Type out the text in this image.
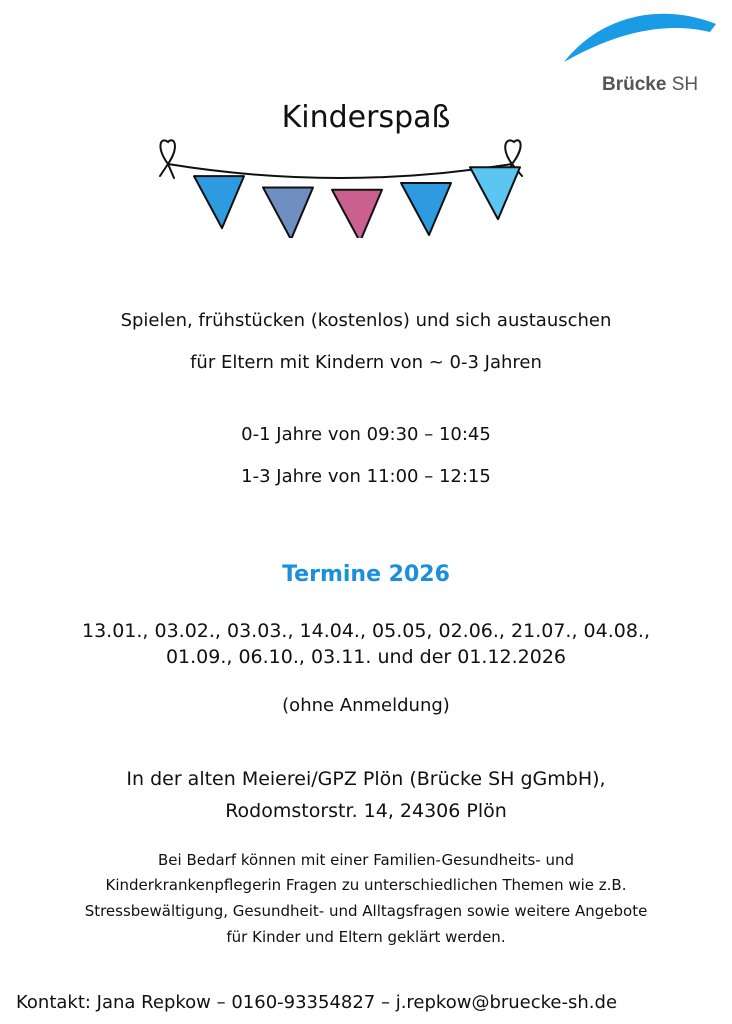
Brücke SH
Kinderspaß
Spielen, frühstücken (kostenlos) und sich austauschen
für Eltern mit Kindern von ~ 0-3 Jahren
0-1 Jahre von 09:30 – 10:45
1-3 Jahre von 11:00 – 12:15
Termine 2026
13.01., 03.02., 03.03., 14.04., 05.05, 02.06., 21.07., 04.08.,
01.09., 06.10., 03.11. und der 01.12.2026
(ohne Anmeldung)
In der alten Meierei/GPZ Plön (Brücke SH gGmbH),
Rodomstorstr. 14, 24306 Plön
Bei Bedarf können mit einer Familien-Gesundheits- und
Kinderkrankenpflegerin Fragen zu unterschiedlichen Themen wie z.B.
Stressbewältigung, Gesundheit- und Alltagsfragen sowie weitere Angebote
für Kinder und Eltern geklärt werden.
Kontakt: Jana Repkow – 0160-93354827 – j.repkow@bruecke-sh.de
